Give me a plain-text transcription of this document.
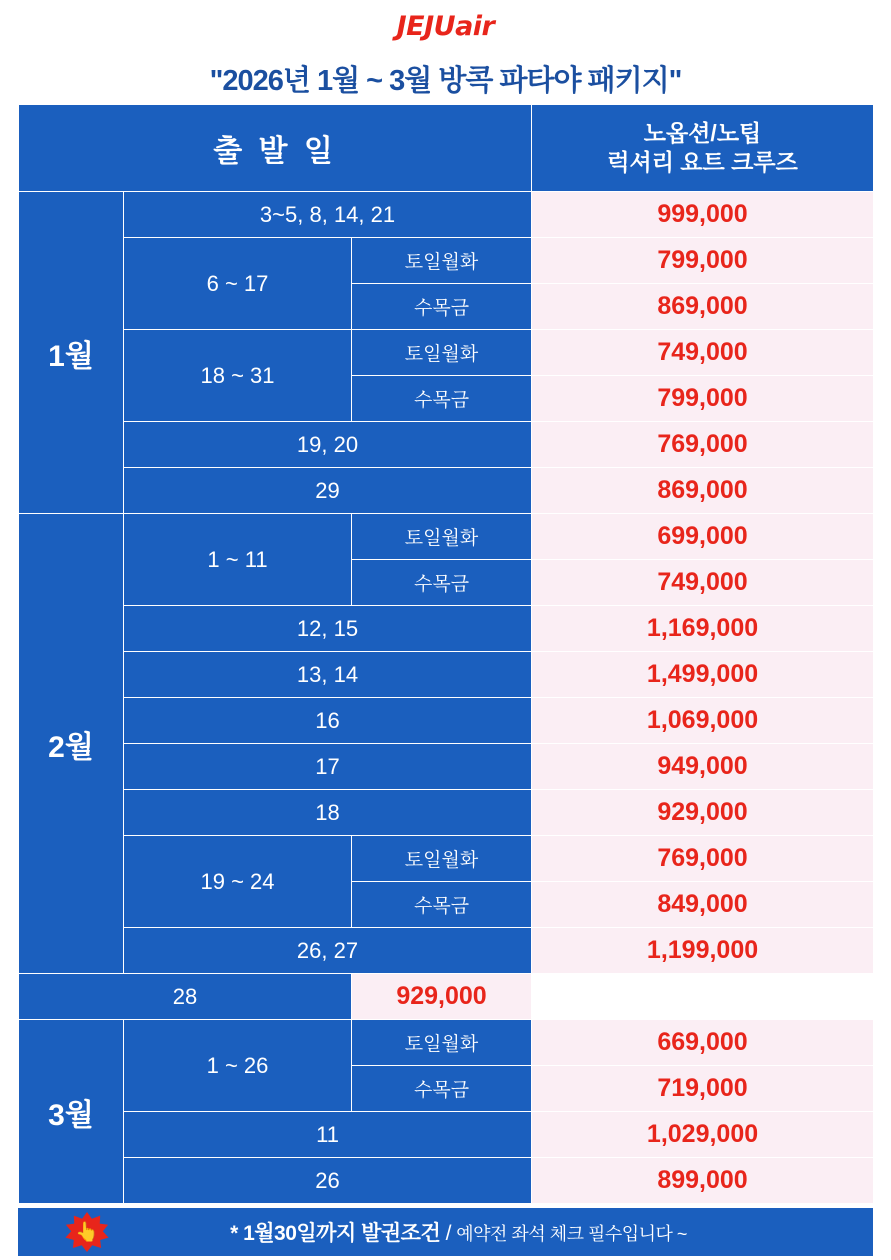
JEJUair
"2026년 1월 ~ 3월 방콕 파타야 패키지"
출 발 일			노옵션/노팁
럭셔리 요트 크루즈

1월	3~5, 8, 14, 21		999,000
	6 ~ 17	토일월화	799,000
		수목금	869,000
	18 ~ 31	토일월화	749,000
		수목금	799,000
	19, 20		769,000
	29		869,000
2월	1 ~ 11	토일월화	699,000
		수목금	749,000
	12, 15		1,169,000
	13, 14		1,499,000
	16		1,069,000
	17		949,000
	18		929,000
	19 ~ 24	토일월화	769,000
		수목금	849,000
	26, 27		1,199,000
28		929,000	
3월	1 ~ 26	토일월화	669,000
		수목금	719,000
	11		1,029,000
	26		899,000
👆	* 1월30일까지 발권조건 / 예약전 좌석 체크 필수입니다 ~
